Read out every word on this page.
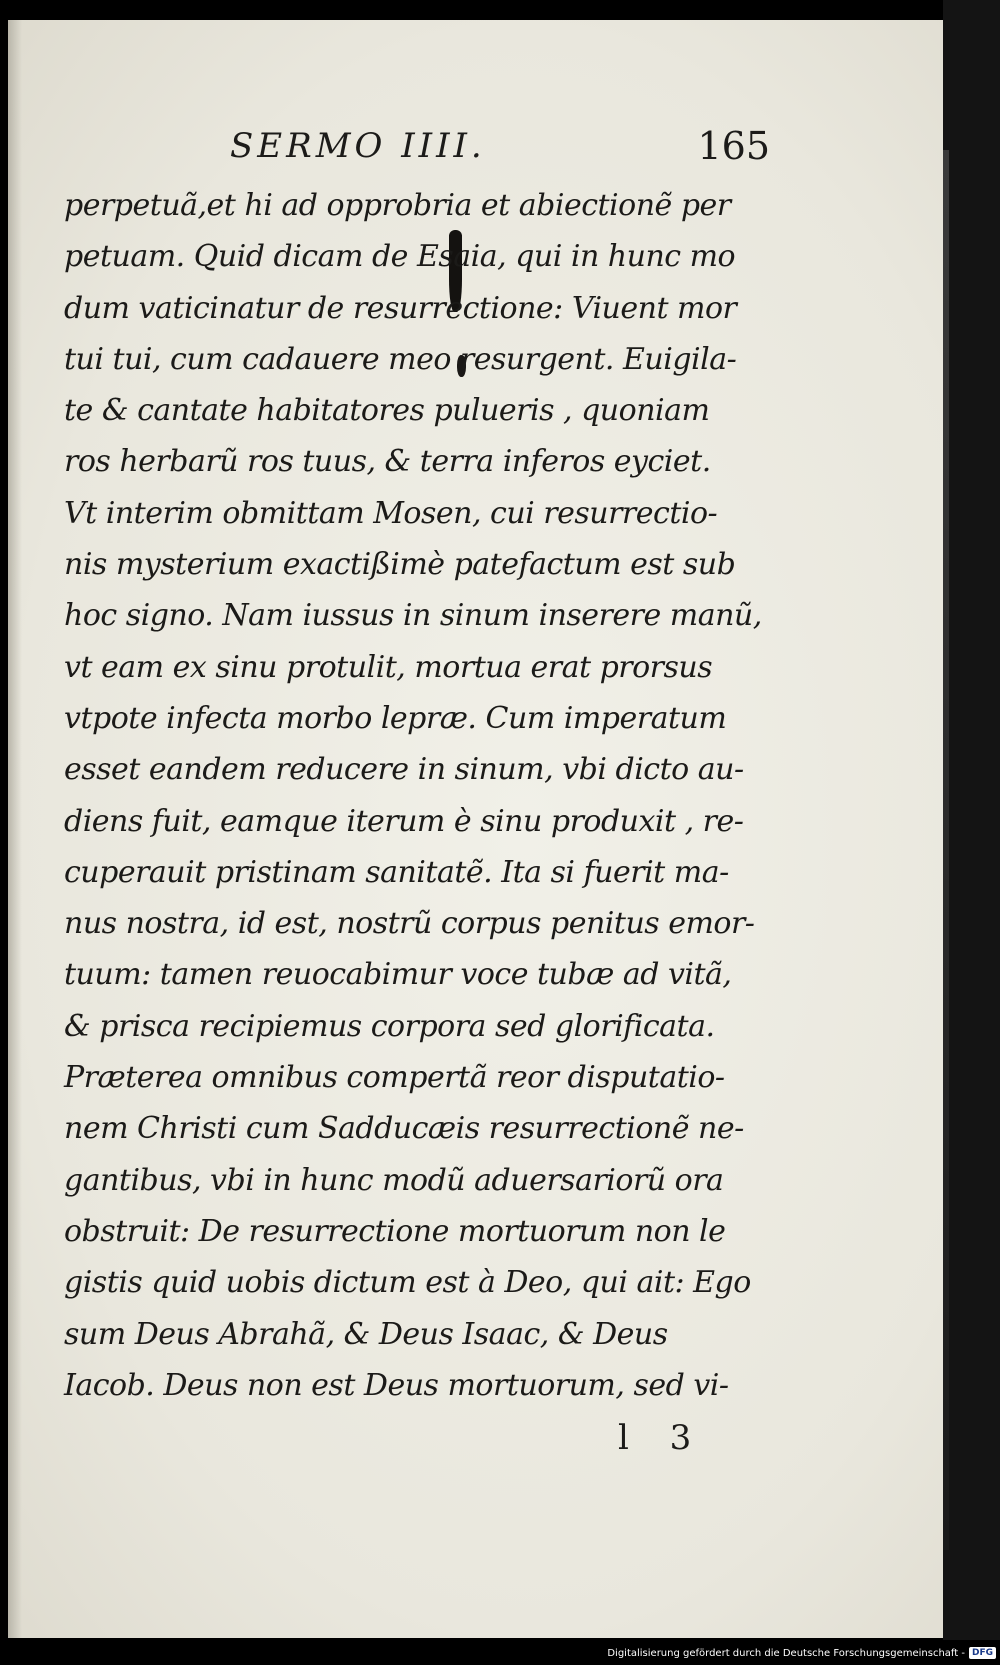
SERMO IIII.	165
perpetuã,et hi ad opprobria et abiectionẽ per
petuam. Quid dicam de Esaia, qui in hunc mo
dum vaticinatur de resurrectione: Viuent mor
tui tui, cum cadauere meo resurgent. Euigila-
te & cantate habitatores pulueris , quoniam
ros herbarũ ros tuus, & terra inferos eyciet.
Vt interim obmittam Mosen, cui resurrectio-
nis mysterium exactißimè patefactum est sub
hoc signo. Nam iussus in sinum inserere manũ,
vt eam ex sinu protulit, mortua erat prorsus
vtpote infecta morbo lepræ. Cum imperatum
esset eandem reducere in sinum, vbi dicto au-
diens fuit, eamque iterum è sinu produxit , re-
cuperauit pristinam sanitatẽ. Ita si fuerit ma-
nus nostra, id est, nostrũ corpus penitus emor-
tuum: tamen reuocabimur voce tubæ ad vitã,
& prisca recipiemus corpora sed glorificata.
Præterea omnibus compertã reor disputatio-
nem Christi cum Sadducæis resurrectionẽ ne-
gantibus, vbi in hunc modũ aduersariorũ ora
obstruit: De resurrectione mortuorum non le
gistis quid uobis dictum est à Deo, qui ait: Ego
sum Deus Abrahã, & Deus Isaac, & Deus
Iacob. Deus non est Deus mortuorum, sed vi-
l 3
Digitalisierung gefördert durch die Deutsche Forschungsgemeinschaft - DFG
